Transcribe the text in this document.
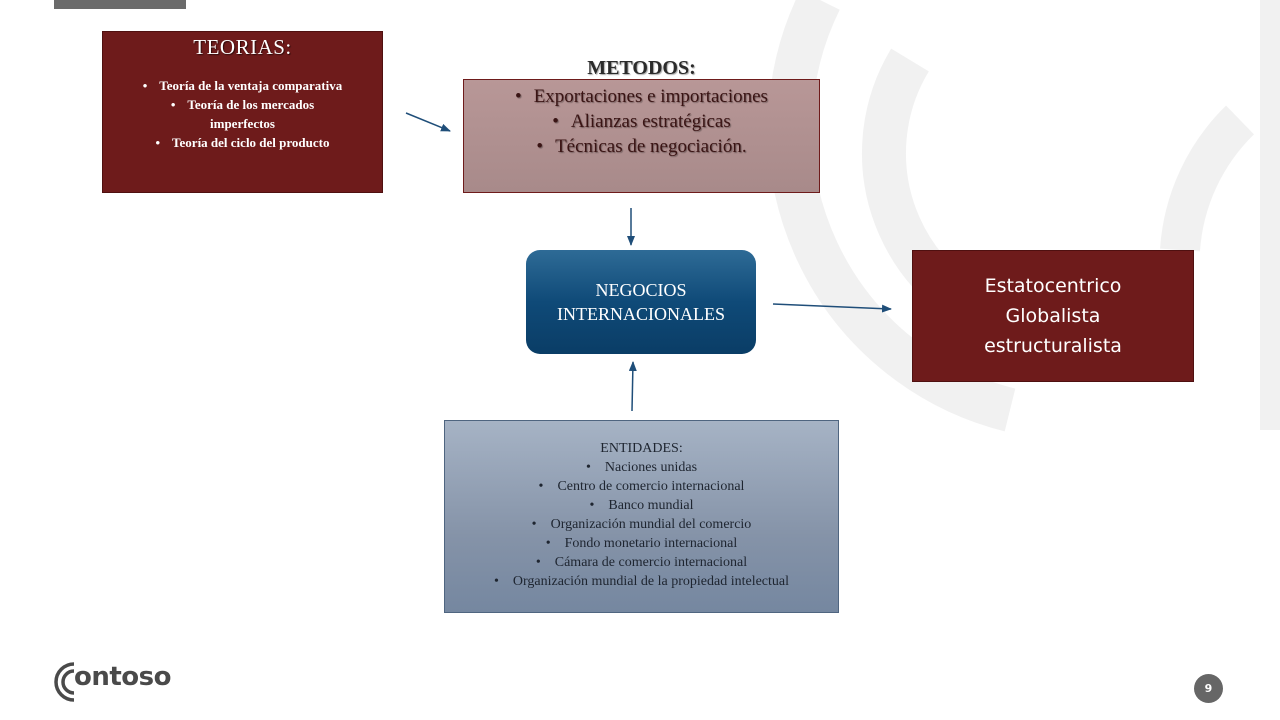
TEORIAS:
• Teoría de la ventaja comparativa
• Teoría de los mercados imperfectos
• Teoría del ciclo del producto
METODOS:
• Exportaciones e importaciones
• Alianzas estratégicas
• Técnicas de negociación.
NEGOCIOS
INTERNACIONALES
Estatocentrico
Globalista
estructuralista
ENTIDADES:
• Naciones unidas
• Centro de comercio internacional
• Banco mundial
• Organización mundial del comercio
• Fondo monetario internacional
• Cámara de comercio internacional
• Organización mundial de la propiedad intelectual
ontoso	9
